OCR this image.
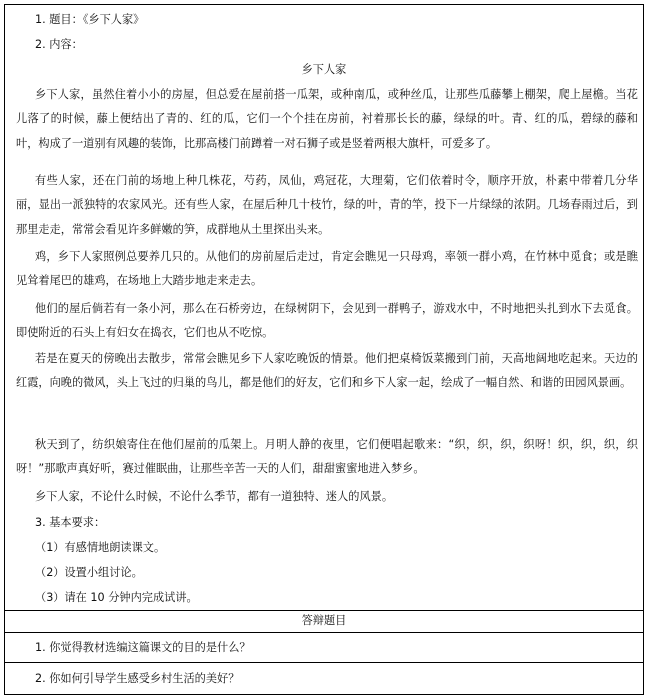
1. 题目：《乡下人家》
2. 内容：
乡下人家
乡下人家，虽然住着小小的房屋，但总爱在屋前搭一瓜架，或种南瓜，或种丝瓜，让那些瓜藤攀上棚架，爬上屋檐。当花儿落了的时候，藤上便结出了青的、红的瓜，它们一个个挂在房前，衬着那长长的藤，绿绿的叶。青、红的瓜，碧绿的藤和叶，构成了一道别有风趣的装饰，比那高楼门前蹲着一对石狮子或是竖着两根大旗杆，可爱多了。
有些人家，还在门前的场地上种几株花，芍药，凤仙，鸡冠花，大理菊，它们依着时令，顺序开放，朴素中带着几分华丽，显出一派独特的农家风光。还有些人家，在屋后种几十枝竹，绿的叶，青的竿，投下一片绿绿的浓阴。几场春雨过后，到那里走走，常常会看见许多鲜嫩的笋，成群地从土里探出头来。
鸡，乡下人家照例总要养几只的。从他们的房前屋后走过，肯定会瞧见一只母鸡，率领一群小鸡，在竹林中觅食；或是瞧见耸着尾巴的雄鸡，在场地上大踏步地走来走去。
他们的屋后倘若有一条小河，那么在石桥旁边，在绿树阴下，会见到一群鸭子，游戏水中，不时地把头扎到水下去觅食。即使附近的石头上有妇女在捣衣，它们也从不吃惊。
若是在夏天的傍晚出去散步，常常会瞧见乡下人家吃晚饭的情景。他们把桌椅饭菜搬到门前，天高地阔地吃起来。天边的红霞，向晚的微风，头上飞过的归巢的鸟儿，都是他们的好友，它们和乡下人家一起，绘成了一幅自然、和谐的田园风景画。
秋天到了，纺织娘寄住在他们屋前的瓜架上。月明人静的夜里，它们便唱起歌来：“织，织，织，织呀！织，织，织，织呀！”那歌声真好听，赛过催眠曲，让那些辛苦一天的人们，甜甜蜜蜜地进入梦乡。
乡下人家，不论什么时候，不论什么季节，都有一道独特、迷人的风景。
3. 基本要求：
（1）有感情地朗读课文。
（2）设置小组讨论。
（3）请在 10 分钟内完成试讲。
答辩题目
1. 你觉得教材选编这篇课文的目的是什么？
2. 你如何引导学生感受乡村生活的美好？
